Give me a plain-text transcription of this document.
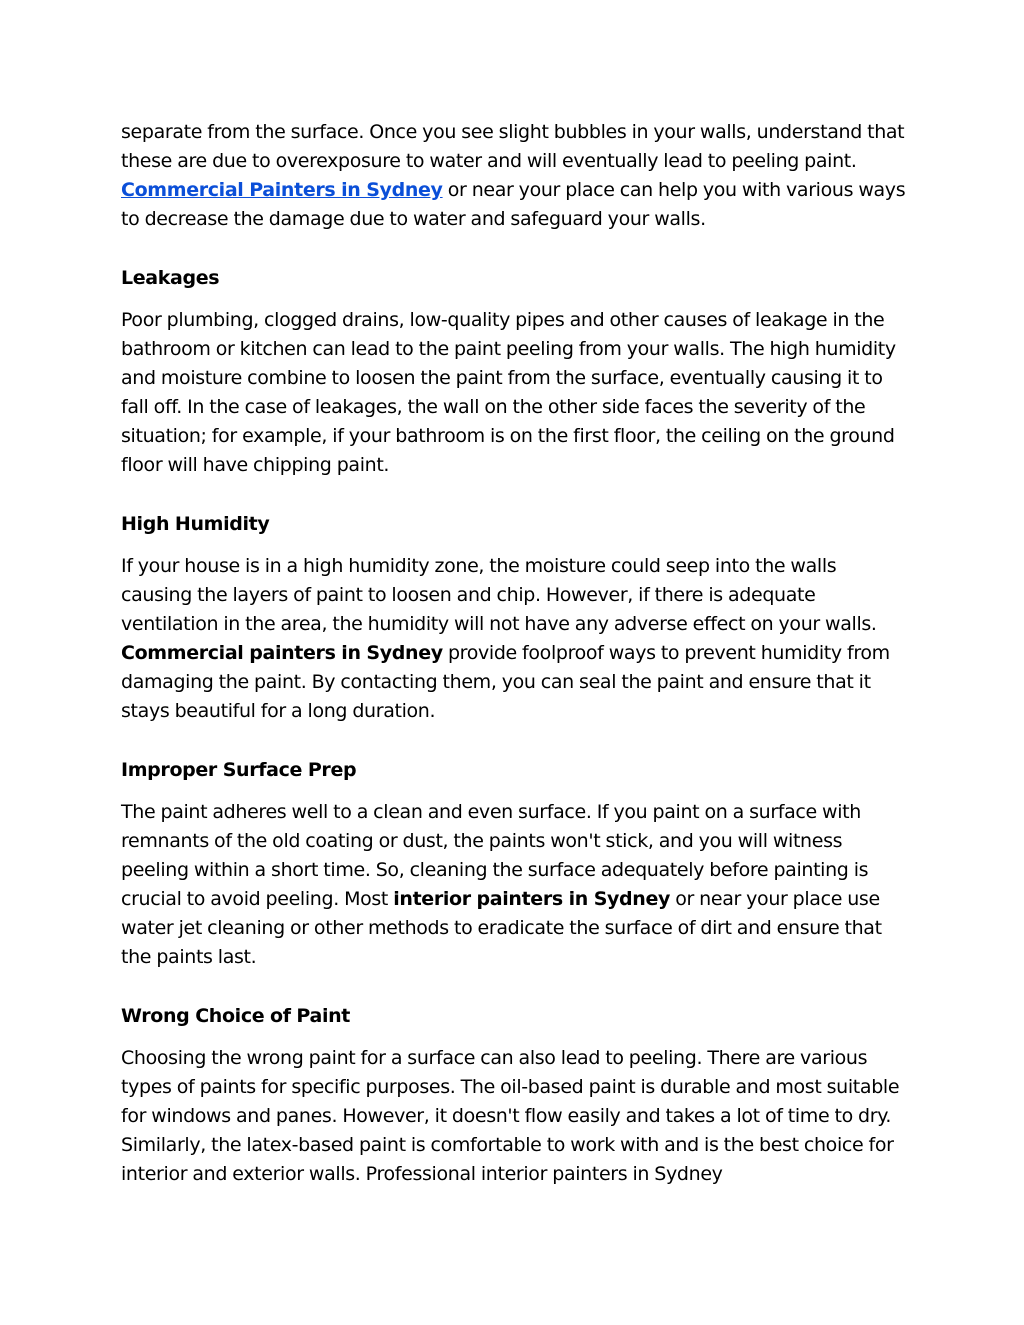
separate from the surface. Once you see slight bubbles in your walls, understand that these are due to overexposure to water and will eventually lead to peeling paint. Commercial Painters in Sydney or near your place can help you with various ways to decrease the damage due to water and safeguard your walls.

Leakages

Poor plumbing, clogged drains, low-quality pipes and other causes of leakage in the bathroom or kitchen can lead to the paint peeling from your walls. The high humidity and moisture combine to loosen the paint from the surface, eventually causing it to fall off. In the case of leakages, the wall on the other side faces the severity of the situation; for example, if your bathroom is on the first floor, the ceiling on the ground floor will have chipping paint.

High Humidity

If your house is in a high humidity zone, the moisture could seep into the walls causing the layers of paint to loosen and chip. However, if there is adequate ventilation in the area, the humidity will not have any adverse effect on your walls. Commercial painters in Sydney provide foolproof ways to prevent humidity from damaging the paint. By contacting them, you can seal the paint and ensure that it stays beautiful for a long duration.

Improper Surface Prep

The paint adheres well to a clean and even surface. If you paint on a surface with remnants of the old coating or dust, the paints won't stick, and you will witness peeling within a short time. So, cleaning the surface adequately before painting is crucial to avoid peeling. Most interior painters in Sydney or near your place use water jet cleaning or other methods to eradicate the surface of dirt and ensure that the paints last.

Wrong Choice of Paint

Choosing the wrong paint for a surface can also lead to peeling. There are various types of paints for specific purposes. The oil-based paint is durable and most suitable for windows and panes. However, it doesn't flow easily and takes a lot of time to dry. Similarly, the latex-based paint is comfortable to work with and is the best choice for interior and exterior walls. Professional interior painters in Sydney
